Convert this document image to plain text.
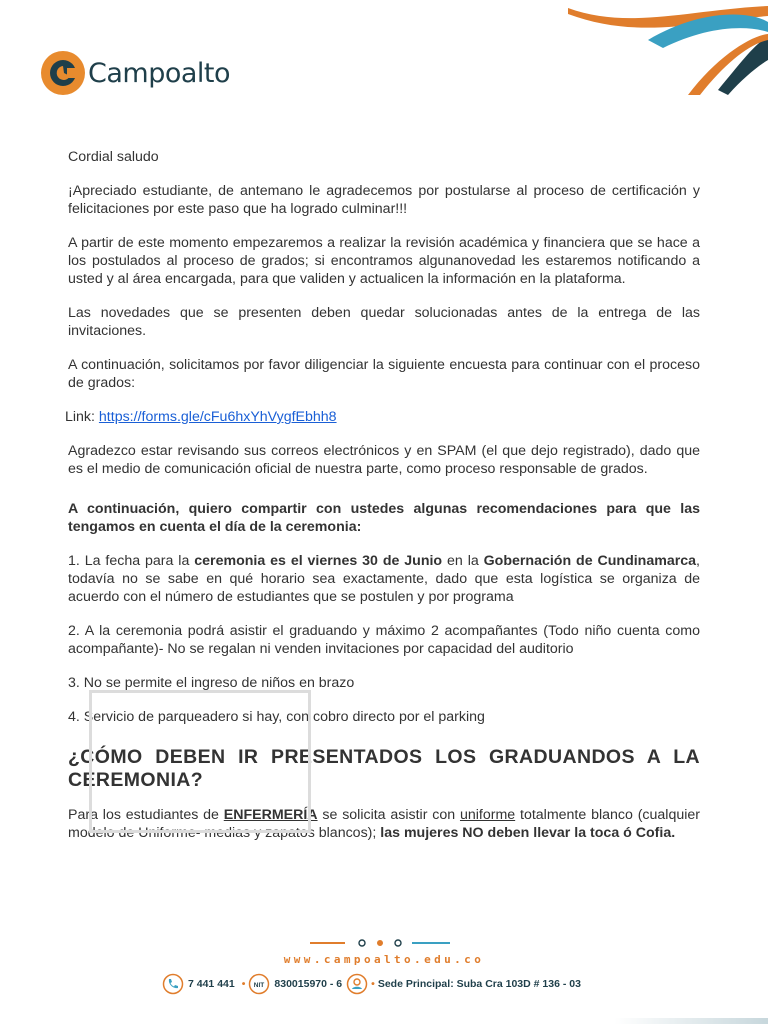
Campoalto

Cordial saludo

¡Apreciado estudiante, de antemano le agradecemos por postularse al proceso de certificación y felicitaciones por este paso que ha logrado culminar!!!

A partir de este momento empezaremos a realizar la revisión académica y financiera que se hace a los postulados al proceso de grados; si encontramos algunanovedad les estaremos notificando a usted y al área encargada, para que validen y actualicen la información en la plataforma.

Las novedades que se presenten deben quedar solucionadas antes de la entrega de las invitaciones.

A continuación, solicitamos por favor diligenciar la siguiente encuesta para continuar con el proceso de grados:

Link: https://forms.gle/cFu6hxYhVygfEbhh8

Agradezco estar revisando sus correos electrónicos y en SPAM (el que dejo registrado), dado que es el medio de comunicación oficial de nuestra parte, como proceso responsable de grados.

A continuación, quiero compartir con ustedes algunas recomendaciones para que las tengamos en cuenta el día de la ceremonia:

1. La fecha para la ceremonia es el viernes 30 de Junio en la Gobernación de Cundinamarca, todavía no se sabe en qué horario sea exactamente, dado que esta logística se organiza de acuerdo con el número de estudiantes que se postulen y por programa

2. A la ceremonia podrá asistir el graduando y máximo 2 acompañantes (Todo niño cuenta como acompañante)- No se regalan ni venden invitaciones por capacidad del auditorio

3. No se permite el ingreso de niños en brazo

4. Servicio de parqueadero si hay, con cobro directo por el parking

¿CÓMO DEBEN IR PRESENTADOS LOS GRADUANDOS A LA CEREMONIA?

Para los estudiantes de ENFERMERÍA se solicita asistir con uniforme totalmente blanco (cualquier modelo de Uniforme- medias y zapatos blancos); las mujeres NO deben llevar la toca ó Cofia.

www.campoalto.edu.co
7 441 441 • NIT 830015970 - 6	• Sede Principal: Suba Cra 103D # 136 - 03
